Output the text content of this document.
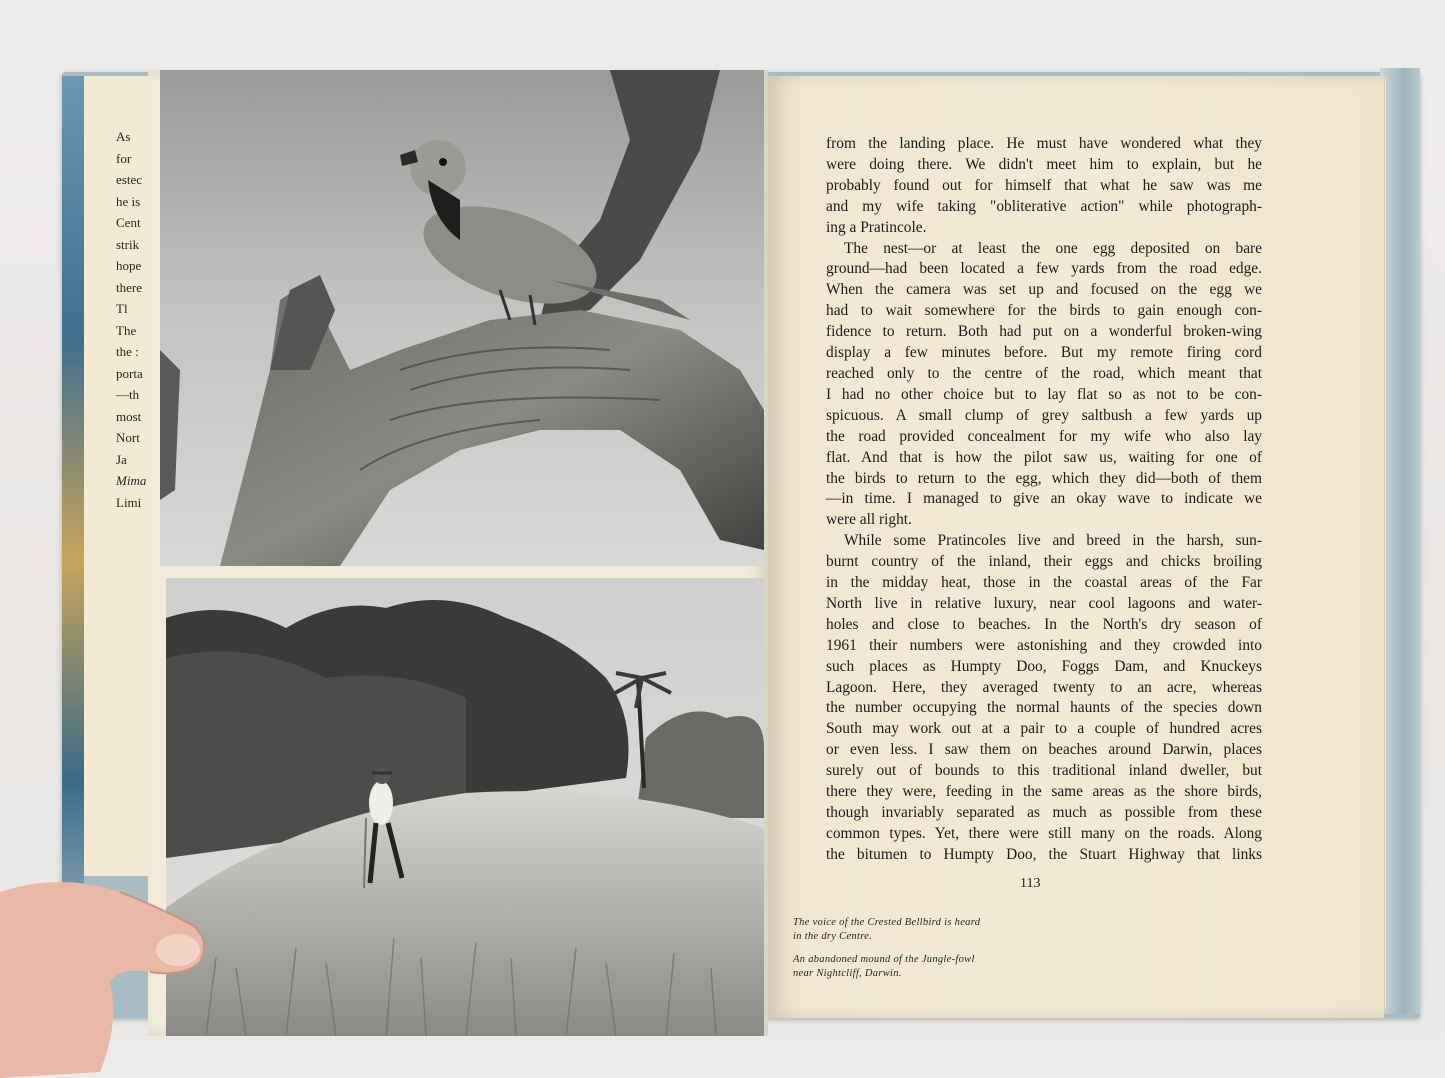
As
for
estec
he is
Cent
strik
hope
there
Tl
The
the :
porta
—th
most
Nort
Ja
Mima
Limi
from the landing place. He must have wondered what they
were doing there. We didn't meet him to explain, but he
probably found out for himself that what he saw was me
and my wife taking "obliterative action" while photograph-
ing a Pratincole.
The nest—or at least the one egg deposited on bare
ground—had been located a few yards from the road edge.
When the camera was set up and focused on the egg we
had to wait somewhere for the birds to gain enough con-
fidence to return. Both had put on a wonderful broken-wing
display a few minutes before. But my remote firing cord
reached only to the centre of the road, which meant that
I had no other choice but to lay flat so as not to be con-
spicuous. A small clump of grey saltbush a few yards up
the road provided concealment for my wife who also lay
flat. And that is how the pilot saw us, waiting for one of
the birds to return to the egg, which they did—both of them
—in time. I managed to give an okay wave to indicate we
were all right.
While some Pratincoles live and breed in the harsh, sun-
burnt country of the inland, their eggs and chicks broiling
in the midday heat, those in the coastal areas of the Far
North live in relative luxury, near cool lagoons and water-
holes and close to beaches. In the North's dry season of
1961 their numbers were astonishing and they crowded into
such places as Humpty Doo, Foggs Dam, and Knuckeys
Lagoon. Here, they averaged twenty to an acre, whereas
the number occupying the normal haunts of the species down
South may work out at a pair to a couple of hundred acres
or even less. I saw them on beaches around Darwin, places
surely out of bounds to this traditional inland dweller, but
there they were, feeding in the same areas as the shore birds,
though invariably separated as much as possible from these
common types. Yet, there were still many on the roads. Along
the bitumen to Humpty Doo, the Stuart Highway that links
113
The voice of the Crested Bellbird is heard
in the dry Centre.
An abandoned mound of the Jungle-fowl
near Nightcliff, Darwin.
